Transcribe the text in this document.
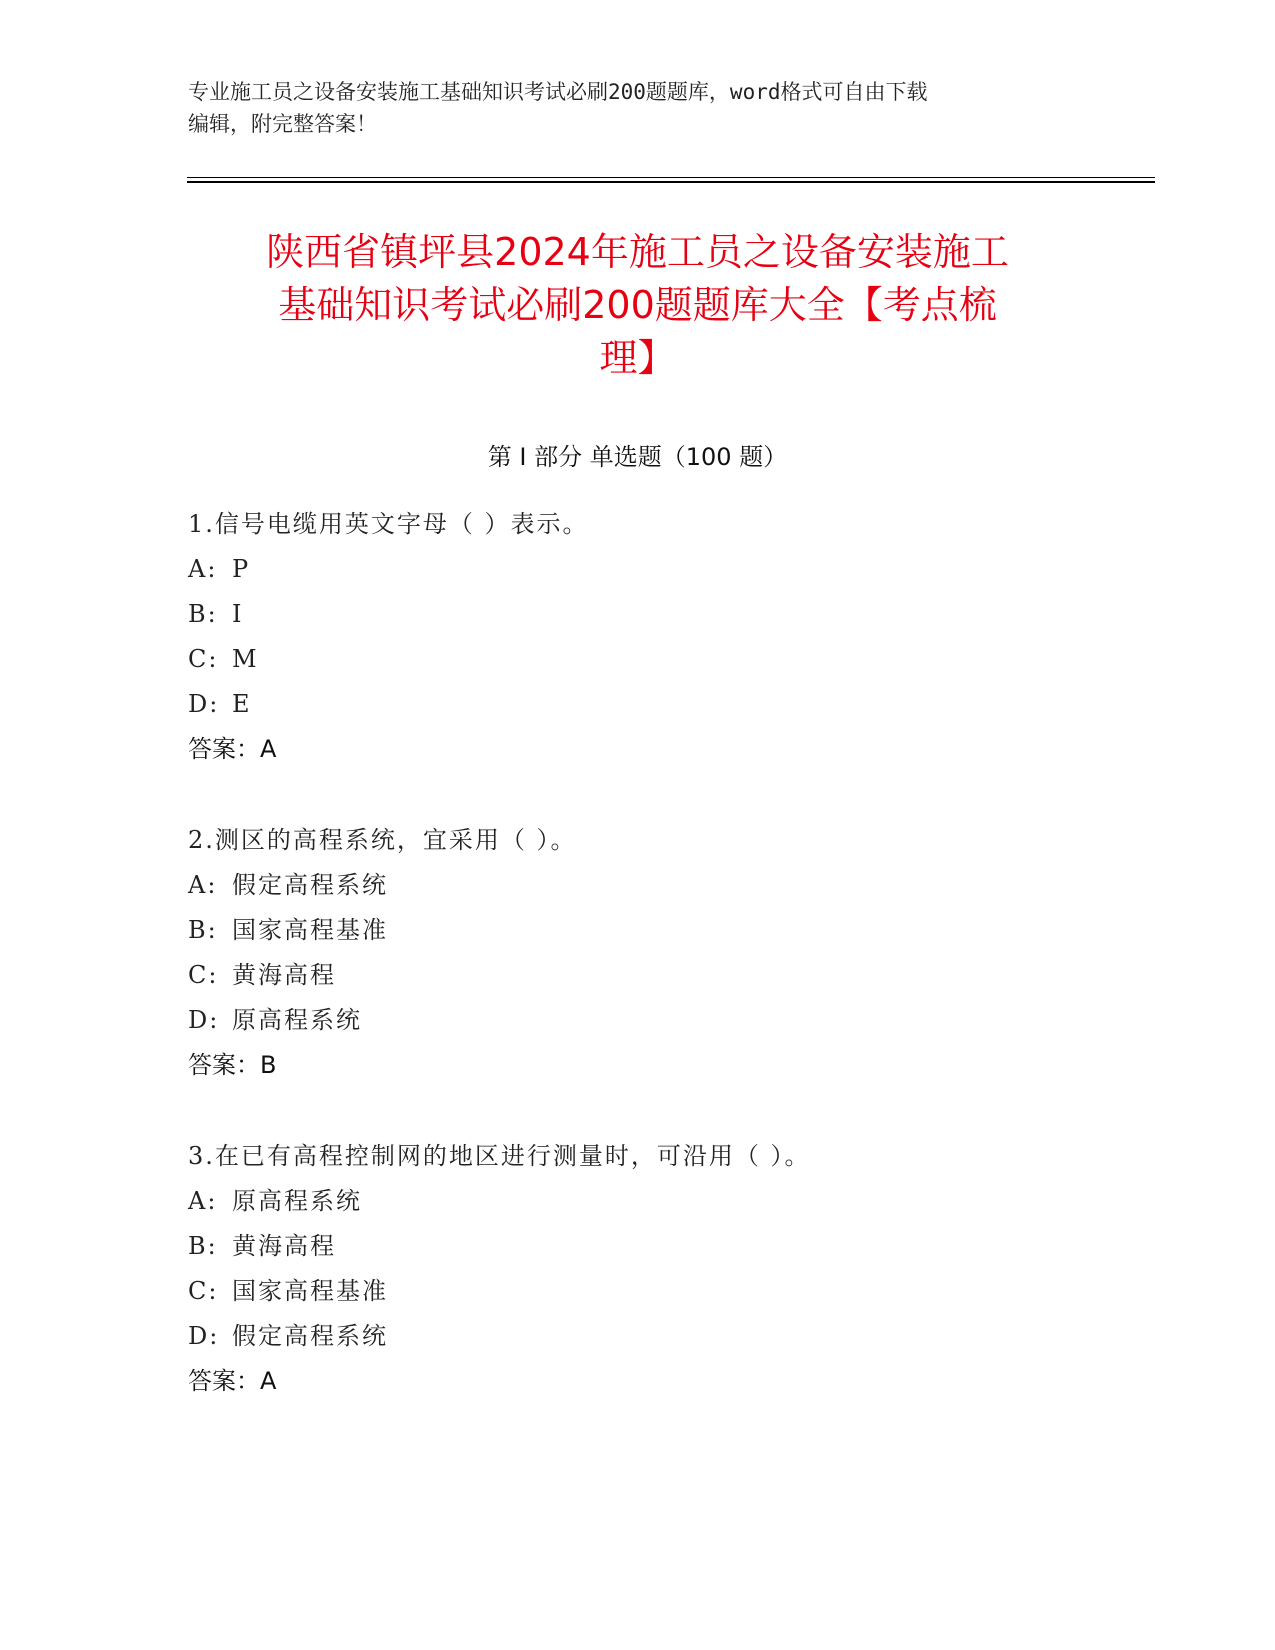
专业施工员之设备安装施工基础知识考试必刷200题题库，word格式可自由下载
编辑，附完整答案！
陕西省镇坪县2024年施工员之设备安装施工
基础知识考试必刷200题题库大全【考点梳
理】
第 I 部分 单选题（100 题）
1.信号电缆用英文字母（ ）表示。
A: P
B: I
C: M
D: E
答案：A
2.测区的高程系统，宜采用（ ）。
A: 假定高程系统
B: 国家高程基准
C: 黄海高程
D: 原高程系统
答案：B
3.在已有高程控制网的地区进行测量时，可沿用（ ）。
A: 原高程系统
B: 黄海高程
C: 国家高程基准
D: 假定高程系统
答案：A
